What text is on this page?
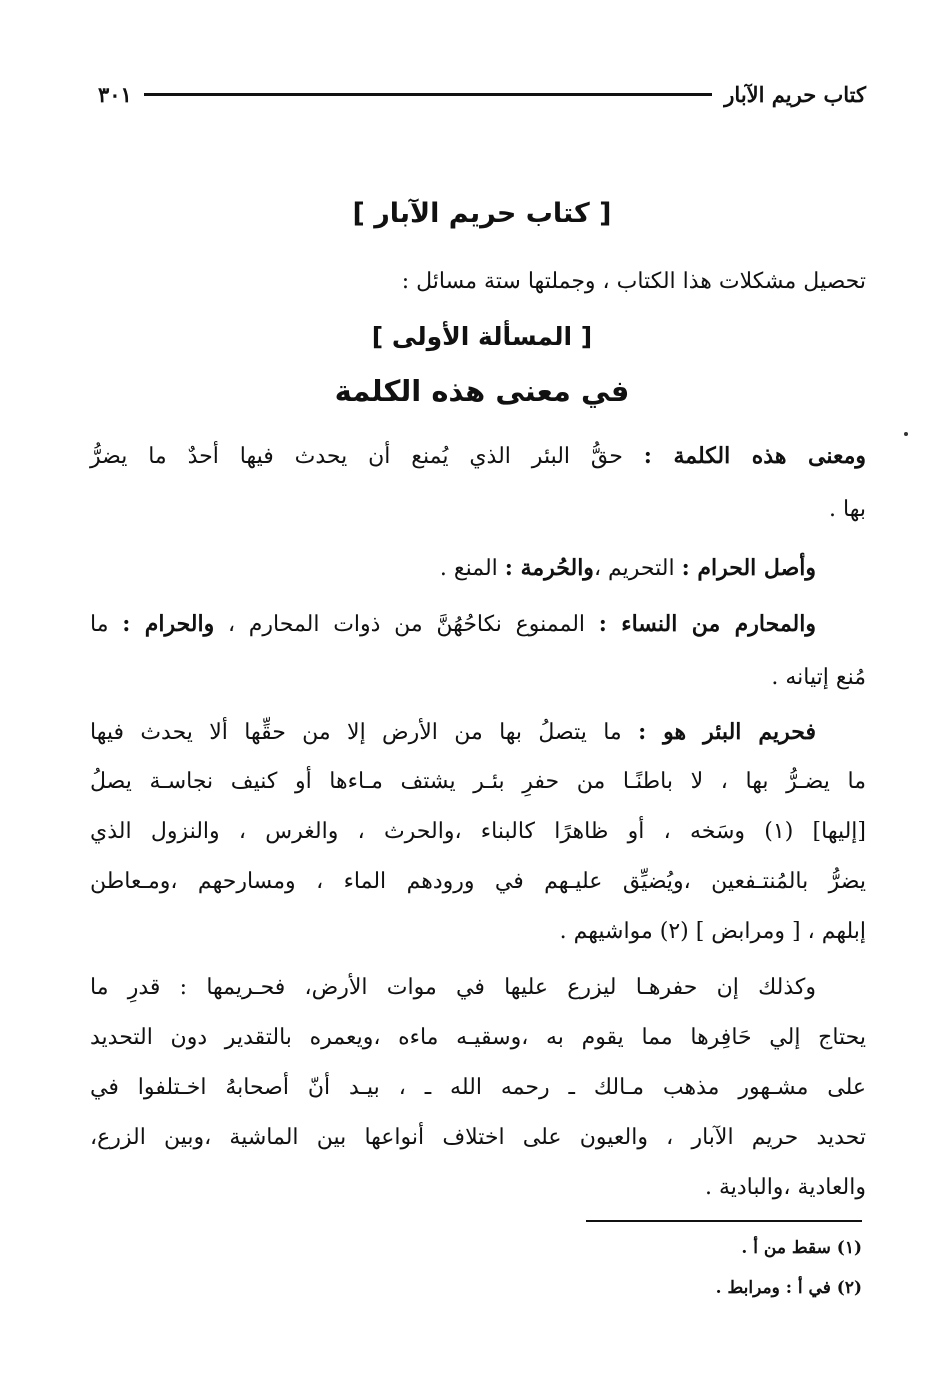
كتاب حريم الآبار
٣٠١
[ كتاب حريم الآبار ]
تحصيل مشكلات هذا الكتاب ، وجملتها ستة مسائل :
[ المسألة الأولى ]
في معنى هذه الكلمة
ومعنى هذه الكلمة : حقُّ البئر الذي يُمنع أن يحدث فيها أحدٌ ما يضرُّ
بها .
وأصل الحرام : التحريم ،والحُرمة : المنع .
والمحارم من النساء : الممنوع نكاحُهُنَّ من ذوات المحارم ، والحرام : ما
مُنع إتيانه .
فحريم البئر هو : ما يتصلُ بها من الأرض إلا من حقِّها ألا يحدث فيها
ما يضـرُّ بها ، لا باطنًـا من حفرِ بئـر يشتف مـاءها أو كنيف نجاسـة يصلُ
[إليها] (١) وسَخه ، أو ظاهرًا كالبناء ،والحرث ، والغرس ، والنزول الذي
يضرُّ بالمُنتـفعين ،ويُضيِّق عليـهم في ورودهم الماء ، ومسارحهم ،ومـعاطن
إبلهم ، [ ومرابض ] (٢) مواشيهم .
وكذلك إن حفرهـا ليزرع عليها في موات الأرض، فحـريمها : قدرِ ما
يحتاج إلي حَافِرها مما يقوم به ،وسقيـه ماءه ،ويعمره بالتقدير دون التحديد
على مشـهور مذهب مـالك ـ رحمه الله ـ ، بيـد أنّ أصحابهُ اخـتلفوا في
تحديد حريم الآبار ، والعيون على اختلاف أنواعها بين الماشية ،وبين الزرع،
والعادية ،والبادية .
(١) سقط من أ .
(٢) في أ : ومرابط .
